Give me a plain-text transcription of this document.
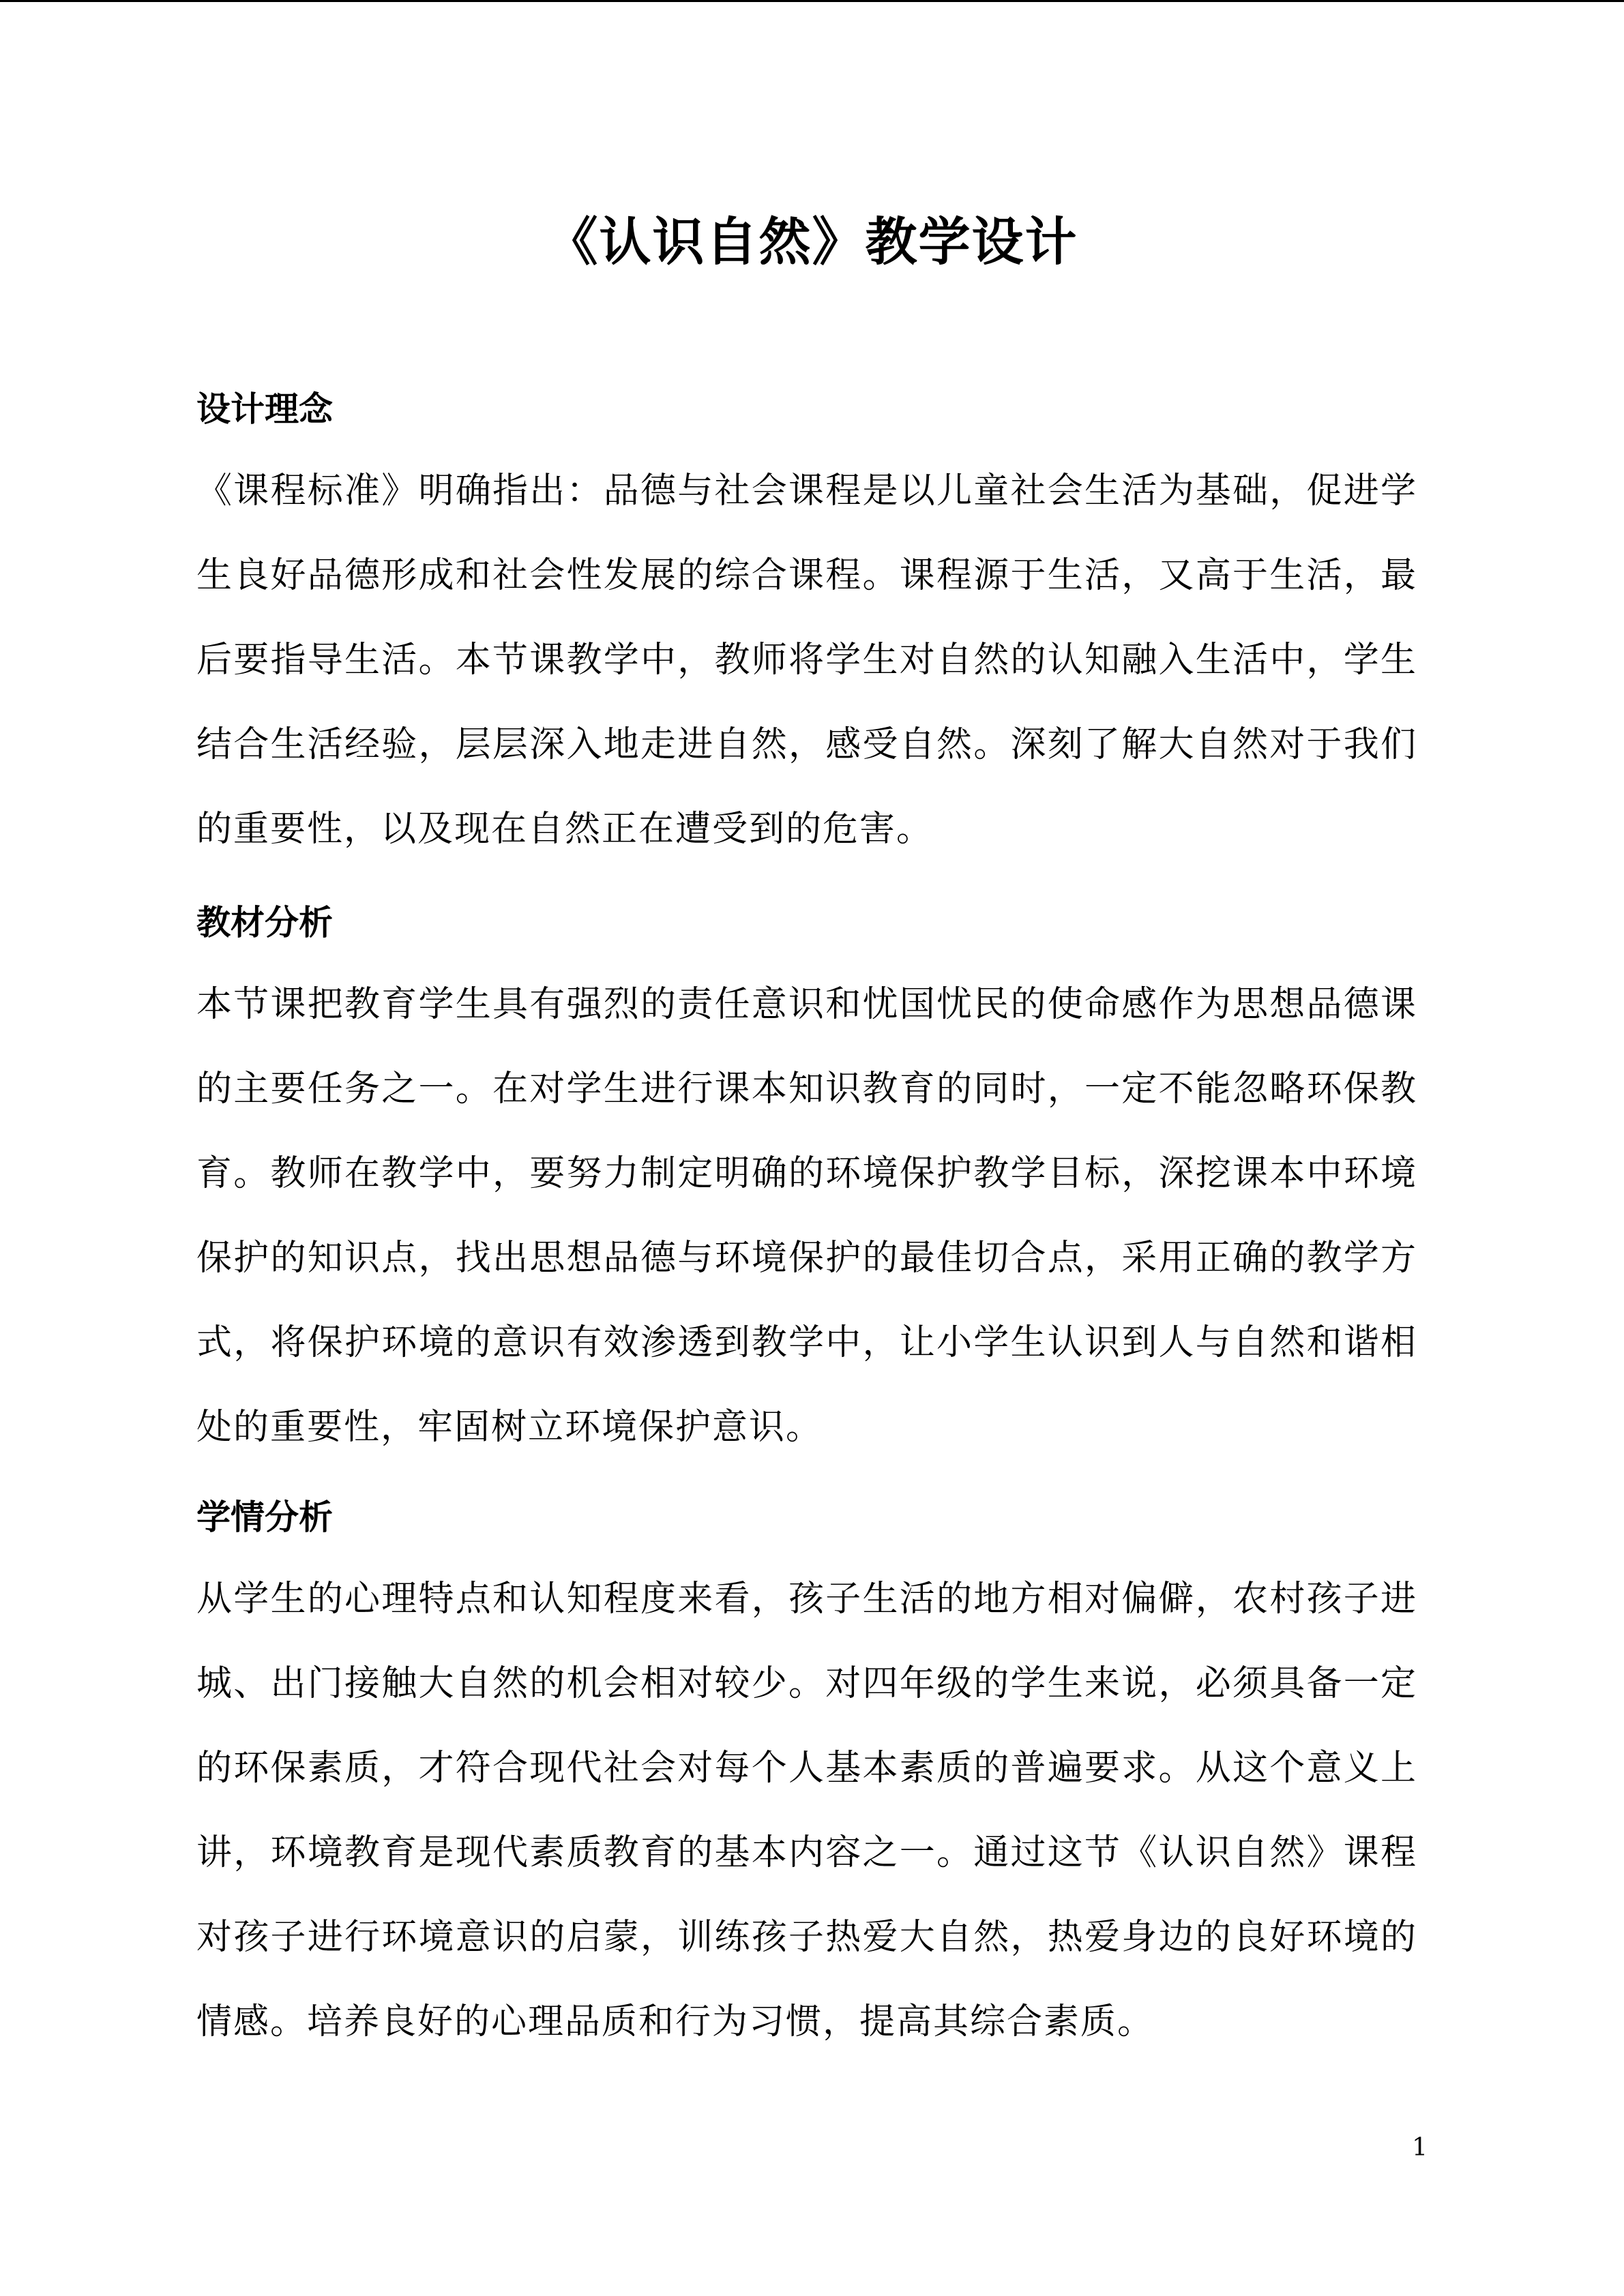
《认识自然》教学设计
设计理念

《课程标准》明确指出：品德与社会课程是以儿童社会生活为基础，促进学生良好品德形成和社会性发展的综合课程。课程源于生活，又高于生活，最后要指导生活。本节课教学中，教师将学生对自然的认知融入生活中，学生结合生活经验，层层深入地走进自然，感受自然。深刻了解大自然对于我们的重要性，以及现在自然正在遭受到的危害。

教材分析

本节课把教育学生具有强烈的责任意识和忧国忧民的使命感作为思想品德课的主要任务之一。在对学生进行课本知识教育的同时，一定不能忽略环保教育。教师在教学中，要努力制定明确的环境保护教学目标，深挖课本中环境保护的知识点，找出思想品德与环境保护的最佳切合点，采用正确的教学方式，将保护环境的意识有效渗透到教学中，让小学生认识到人与自然和谐相处的重要性，牢固树立环境保护意识。

学情分析

从学生的心理特点和认知程度来看，孩子生活的地方相对偏僻，农村孩子进城、出门接触大自然的机会相对较少。对四年级的学生来说，必须具备一定的环保素质，才符合现代社会对每个人基本素质的普遍要求。从这个意义上讲，环境教育是现代素质教育的基本内容之一。通过这节《认识自然》课程对孩子进行环境意识的启蒙，训练孩子热爱大自然，热爱身边的良好环境的情感。培养良好的心理品质和行为习惯，提高其综合素质。

1
